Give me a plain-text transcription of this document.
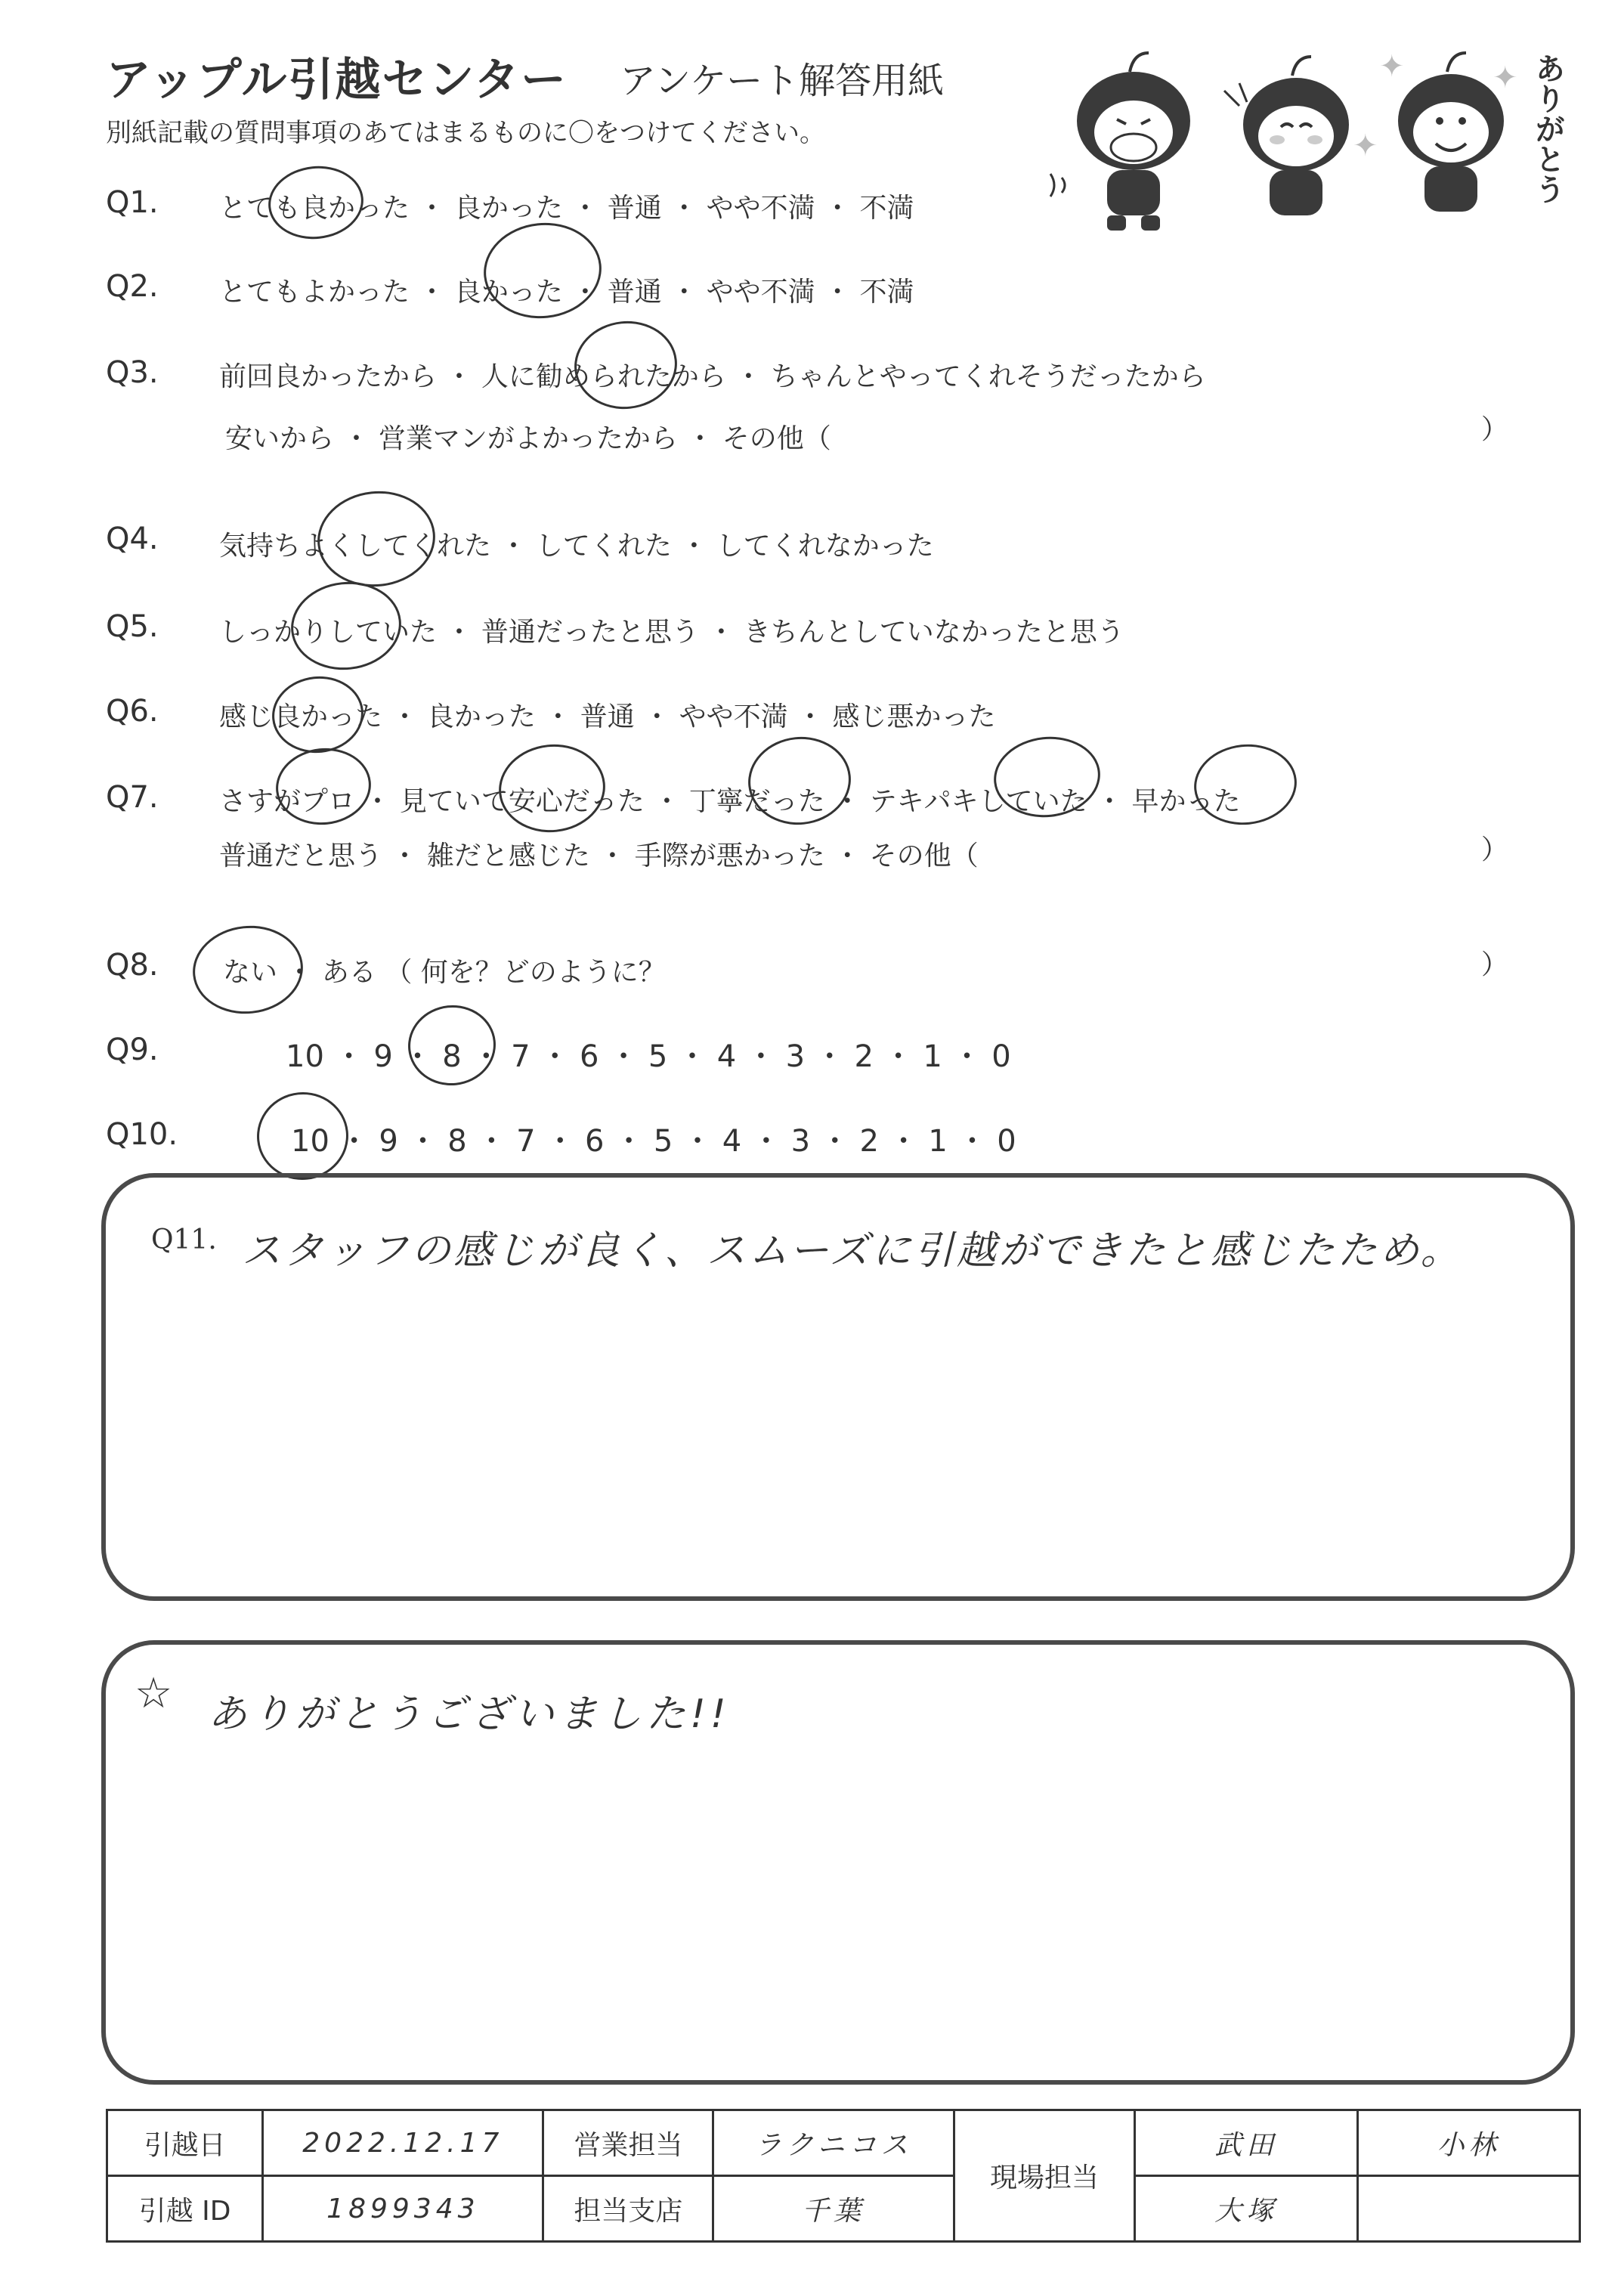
アップル引越センター アンケート解答用紙
別紙記載の質問事項のあてはまるものに〇をつけてください。
✦	✦
✦	ありがとう
Q1. とても良かった ・ 良かった ・ 普通 ・ やや不満 ・ 不満
Q2. とてもよかった ・ 良かった ・ 普通 ・ やや不満 ・ 不満
Q3. 前回良かったから ・ 人に勧められたから ・ ちゃんとやってくれそうだったから
安いから ・ 営業マンがよかったから ・ その他（	）
Q4. 気持ちよくしてくれた ・ してくれた ・ してくれなかった
Q5. しっかりしていた ・ 普通だったと思う ・ きちんとしていなかったと思う
Q6. 感じ良かった ・ 良かった ・ 普通 ・ やや不満 ・ 感じ悪かった
Q7. さすがプロ ・ 見ていて安心だった ・ 丁寧だった ・ テキパキしていた ・ 早かった
普通だと思う ・ 雑だと感じた ・ 手際が悪かった ・ その他（	）
Q8. ない ・ ある （ 何を？どのように？	）
Q9.	10 ・ 9 ・ 8 ・ 7 ・ 6 ・ 5 ・ 4 ・ 3 ・ 2 ・ 1 ・ 0
Q10.	10 ・ 9 ・ 8 ・ 7 ・ 6 ・ 5 ・ 4 ・ 3 ・ 2 ・ 1 ・ 0
Q11. スタッフの感じが良く、スムーズに引越ができたと感じたため。
☆ ありがとうございました!!
引越日	2022.12.17	営業担当	ラクニコス	現場担当	武田	小林
引越 ID	1899343	担当支店	千葉		大塚	
